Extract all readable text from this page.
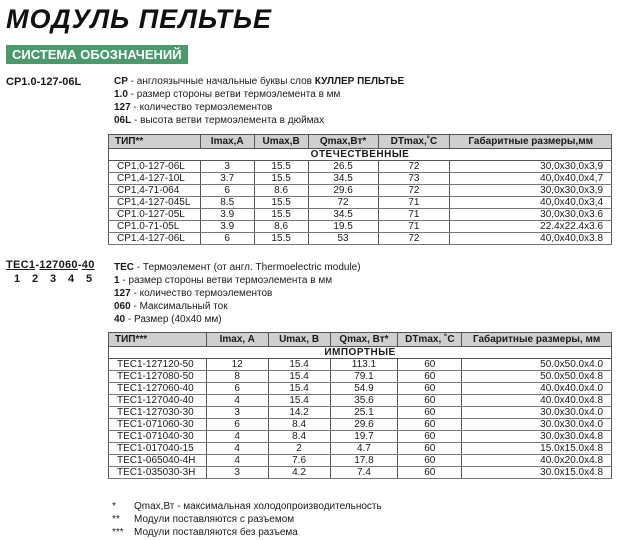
МОДУЛЬ ПЕЛЬТЬЕ
СИСТЕМА ОБОЗНАЧЕНИЙ
CP1.0-127-06L	CP - англоязычные начальные буквы слов КУЛЛЕР ПЕЛЬТЬЕ
1.0 - размер стороны ветви термоэлемента в мм
127 - количество термоэлементов
06L - высота ветви термоэлемента в дюймах
ТИП**	Imax,A	Umax,B	Qmax,Вт*	DTmax,˚C	Габаритные размеры,мм
ОТЕЧЕСТВЕННЫЕ					
CP1,0-127-06L	3	15.5	26.5	72	30,0x30,0x3,9
CP1,4-127-10L	3.7	15.5	34.5	73	40,0x40,0x4,7
CP1,4-71-064	6	8.6	29.6	72	30,0x30,0x3,9
CP1,4-127-045L	8.5	15.5	72	71	40,0x40,0x3,4
CP1.0-127-05L	3.9	15.5	34.5	71	30,0x30,0x3.6
CP1.0-71-05L	3.9	8.6	19.5	71	22.4x22.4x3.6
CP1.4-127-06L	6	15.5	53	72	40,0x40,0x3.8
TEC1-127060-40
1 2 3 4 5
TEC - Термоэлемент (от англ. Thermoelectric module)
1 - размер стороны ветви термоэлемента в мм
127 - количество термоэлементов
060 - Максимальный ток
40 - Размер (40x40 мм)
ТИП***	Imax, A	Umax, B	Qmax, Вт*	DTmax, ˚C	Габаритные размеры, мм
ИМПОРТНЫЕ					
TEC1-127120-50	12	15.4	113.1	60	50.0x50.0x4.0
TEC1-127080-50	8	15.4	79.1	60	50.0x50.0x4.8
TEC1-127060-40	6	15.4	54.9	60	40.0x40.0x4.0
TEC1-127040-40	4	15.4	35.6	60	40.0x40.0x4.8
TEC1-127030-30	3	14.2	25.1	60	30.0x30.0x4.0
TEC1-071060-30	6	8.4	29.6	60	30.0x30.0x4.0
TEC1-071040-30	4	8.4	19.7	60	30.0x30.0x4.8
TEC1-017040-15	4	2	4.7	60	15.0x15.0x4.8
TEC1-065040-4H	4	7.6	17.8	60	40.0x20.0x4.8
TEC1-035030-3H	3	4.2	7.4	60	30.0x15.0x4.8
* Qmax,Вт - максимальная холодопроизводительность
** Модули поставляются с разъемом
*** Модули поставляются без разъема
